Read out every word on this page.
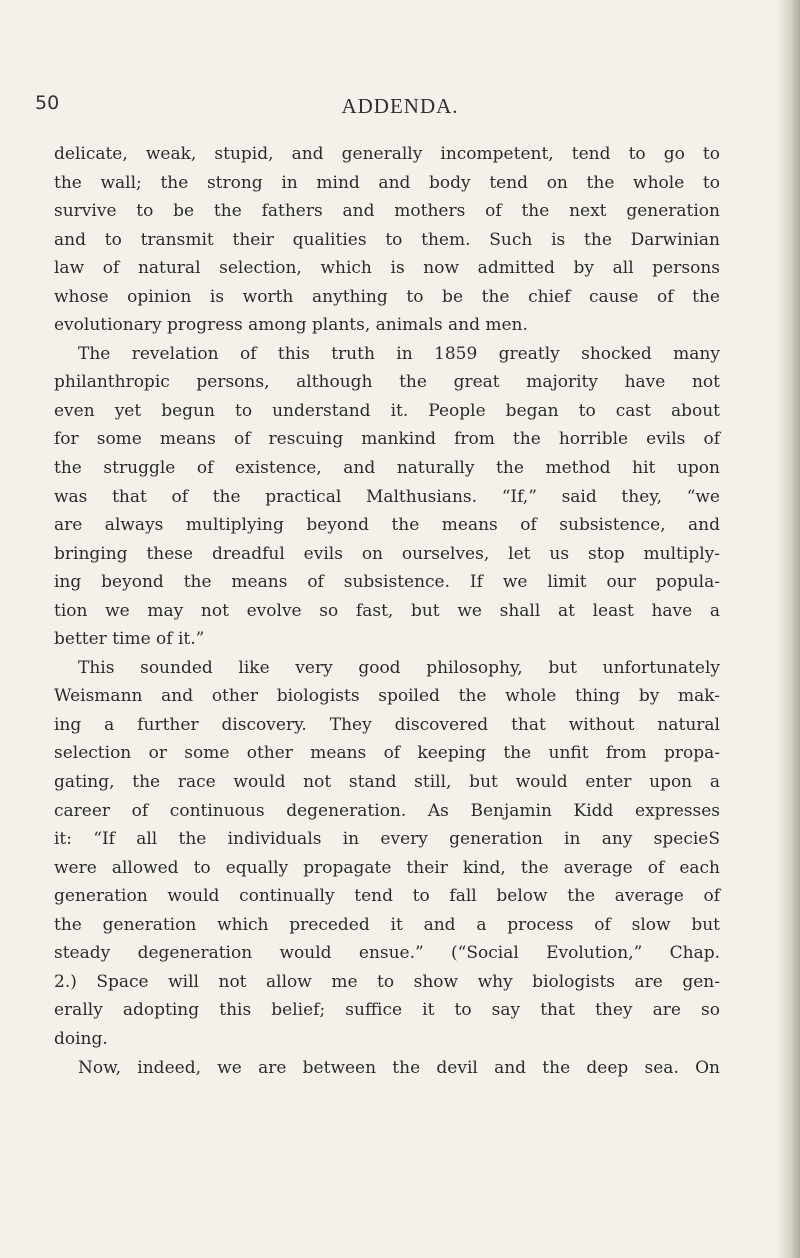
50	ADDENDA.
delicate, weak, stupid, and generally incompetent, tend to go to
the wall; the strong in mind and body tend on the whole to
survive to be the fathers and mothers of the next generation
and to transmit their qualities to them. Such is the Darwinian
law of natural selection, which is now admitted by all persons
whose opinion is worth anything to be the chief cause of the
evolutionary progress among plants, animals and men.
The revelation of this truth in 1859 greatly shocked many
philanthropic persons, although the great majority have not
even yet begun to understand it. People began to cast about
for some means of rescuing mankind from the horrible evils of
the struggle of existence, and naturally the method hit upon
was that of the practical Malthusians. “If,” said they, “we
are always multiplying beyond the means of subsistence, and
bringing these dreadful evils on ourselves, let us stop multiply-
ing beyond the means of subsistence. If we limit our popula-
tion we may not evolve so fast, but we shall at least have a
better time of it.”
This sounded like very good philosophy, but unfortunately
Weismann and other biologists spoiled the whole thing by mak-
ing a further discovery. They discovered that without natural
selection or some other means of keeping the unfit from propa-
gating, the race would not stand still, but would enter upon a
career of continuous degeneration. As Benjamin Kidd expresses
it: “If all the individuals in every generation in any specieS
were allowed to equally propagate their kind, the average of each
generation would continually tend to fall below the average of
the generation which preceded it and a process of slow but
steady degeneration would ensue.” (“Social Evolution,” Chap.
2.) Space will not allow me to show why biologists are gen-
erally adopting this belief; suffice it to say that they are so
doing.
Now, indeed, we are between the devil and the deep sea. On
